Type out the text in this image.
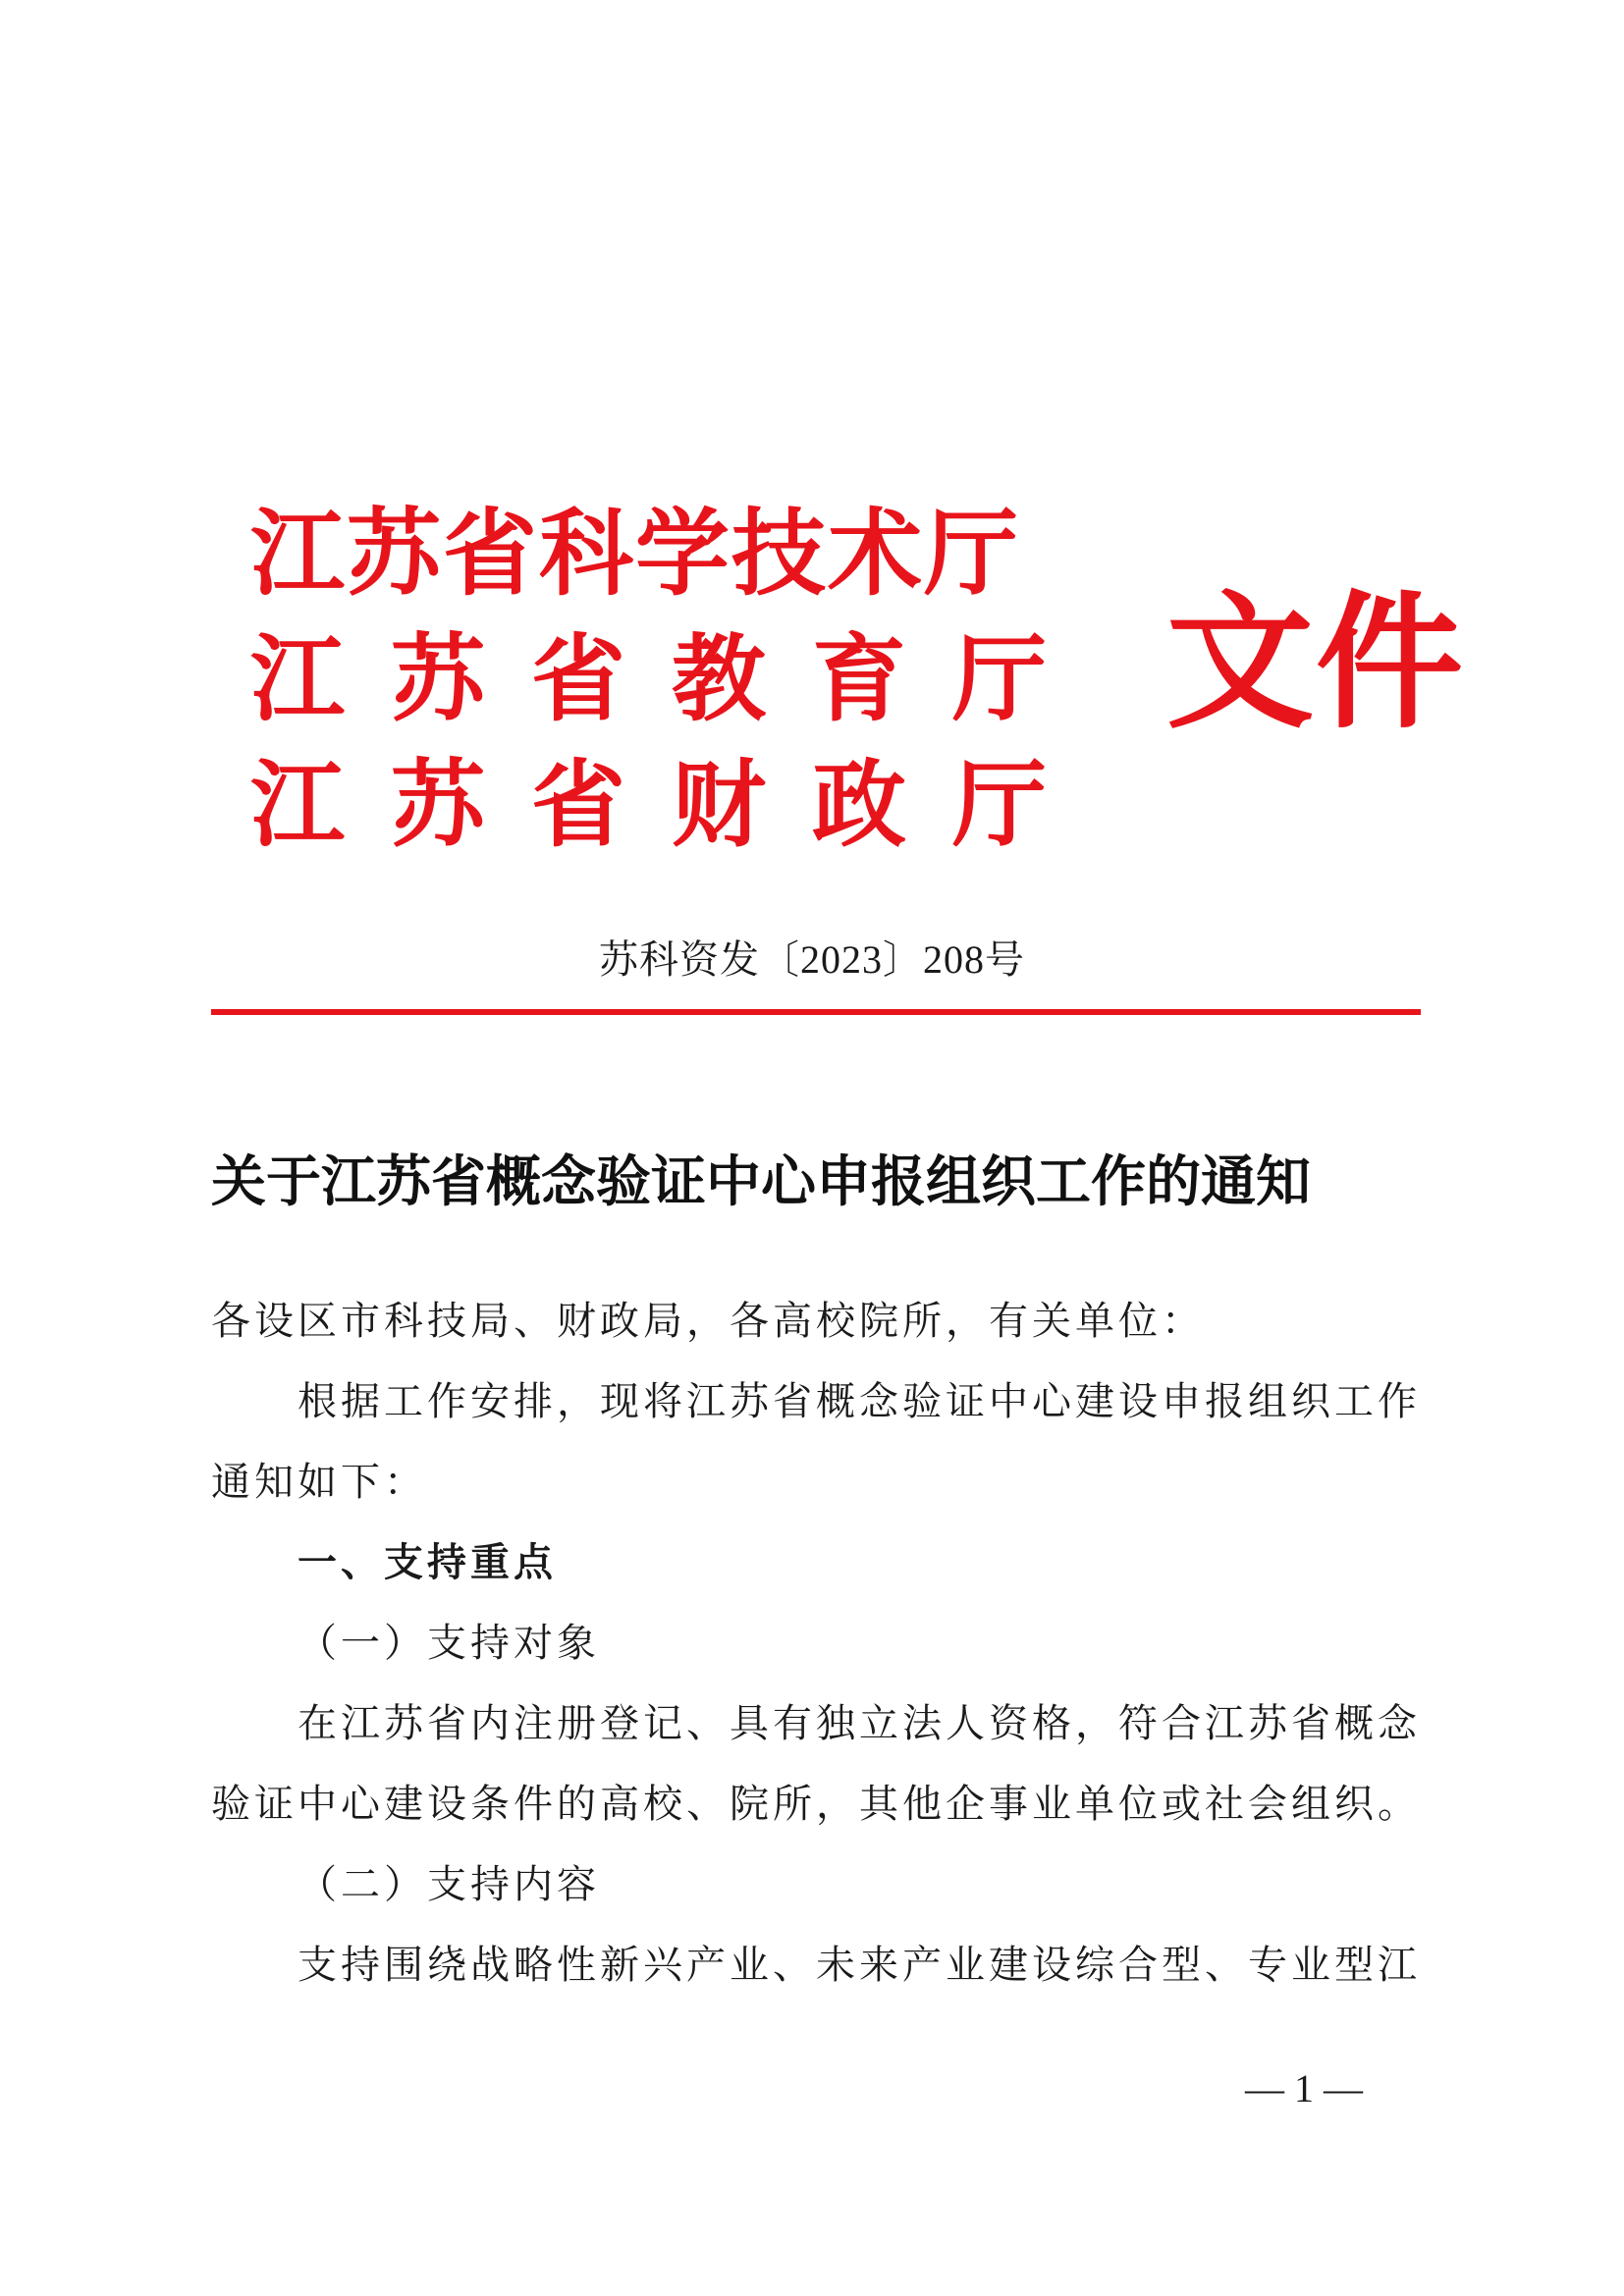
江苏省科学技术厅
江苏省教育厅
江苏省财政厅
文件
苏科资发〔2023〕208号
关于江苏省概念验证中心申报组织工作的通知

各设区市科技局、财政局，各高校院所，有关单位：

根据工作安排，现将江苏省概念验证中心建设申报组织工作通知如下：

一、支持重点

（一）支持对象

在江苏省内注册登记、具有独立法人资格，符合江苏省概念验证中心建设条件的高校、院所，其他企事业单位或社会组织。

（二）支持内容

支持围绕战略性新兴产业、未来产业建设综合型、专业型江

— 1 —
